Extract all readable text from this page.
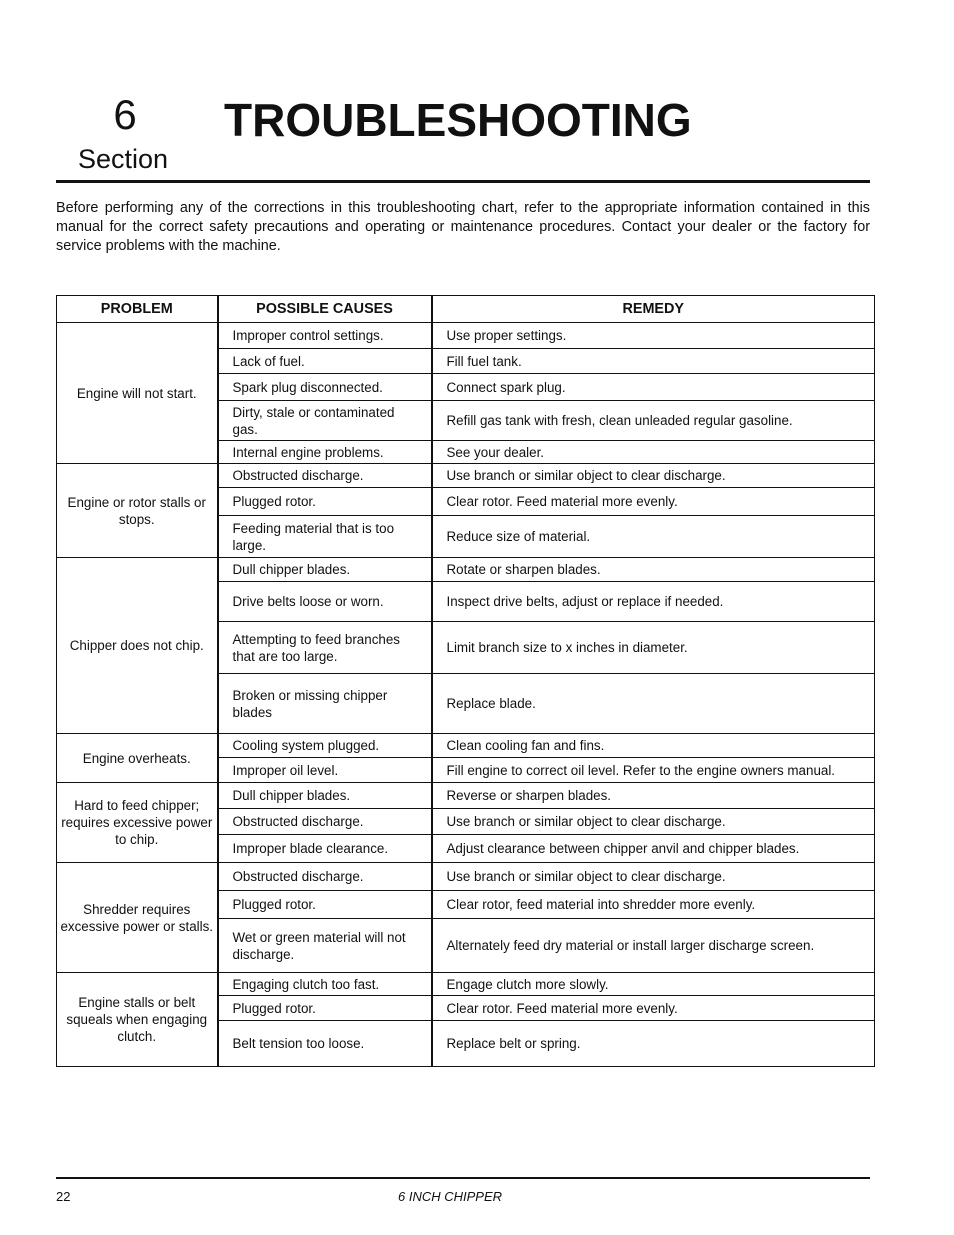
6
Section
TROUBLESHOOTING

Before performing any of the corrections in this troubleshooting chart, refer to the appropriate information contained in this manual for the correct safety precautions and operating or maintenance procedures. Contact your dealer or the factory for service problems with the machine.

PROBLEM	POSSIBLE CAUSES	REMEDY
Engine will not start.	Improper control settings.	Use proper settings.
	Lack of fuel.	Fill fuel tank.
	Spark plug disconnected.	Connect spark plug.
	Dirty, stale or contaminated gas.	Refill gas tank with fresh, clean unleaded regular gasoline.
	Internal engine problems.	See your dealer.
Engine or rotor stalls or stops.	Obstructed discharge.	Use branch or similar object to clear discharge.
	Plugged rotor.	Clear rotor. Feed material more evenly.
	Feeding material that is too large.	Reduce size of material.
Chipper does not chip.	Dull chipper blades.	Rotate or sharpen blades.
	Drive belts loose or worn.	Inspect drive belts, adjust or replace if needed.
	Attempting to feed branches that are too large.	Limit branch size to x inches in diameter.
	Broken or missing chipper blades	Replace blade.
Engine overheats.	Cooling system plugged.	Clean cooling fan and fins.
	Improper oil level.	Fill engine to correct oil level. Refer to the engine owners manual.
Hard to feed chipper; requires excessive power to chip.	Dull chipper blades.	Reverse or sharpen blades.
	Obstructed discharge.	Use branch or similar object to clear discharge.
	Improper blade clearance.	Adjust clearance between chipper anvil and chipper blades.
Shredder requires excessive power or stalls.	Obstructed discharge.	Use branch or similar object to clear discharge.
	Plugged rotor.	Clear rotor, feed material into shredder more evenly.
	Wet or green material will not discharge.	Alternately feed dry material or install larger discharge screen.
Engine stalls or belt squeals when engaging clutch.	Engaging clutch too fast.	Engage clutch more slowly.
	Plugged rotor.	Clear rotor. Feed material more evenly.
	Belt tension too loose.	Replace belt or spring.
22	6 INCH CHIPPER
